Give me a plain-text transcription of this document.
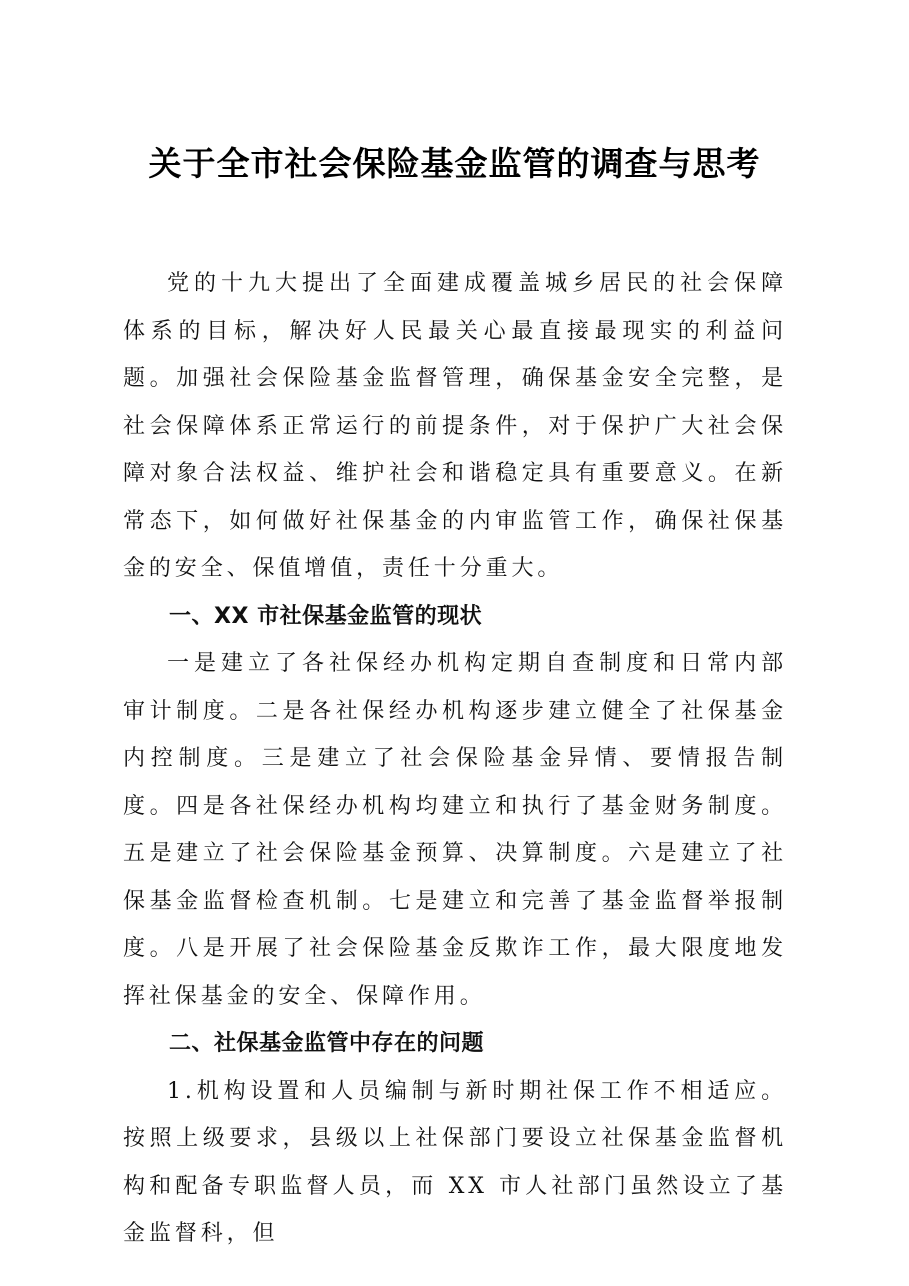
关于全市社会保险基金监管的调查与思考

党的十九大提出了全面建成覆盖城乡居民的社会保障体系的目标，解决好人民最关心最直接最现实的利益问题。加强社会保险基金监督管理，确保基金安全完整，是社会保障体系正常运行的前提条件，对于保护广大社会保障对象合法权益、维护社会和谐稳定具有重要意义。在新常态下，如何做好社保基金的内审监管工作，确保社保基金的安全、保值增值，责任十分重大。

一、XX 市社保基金监管的现状

一是建立了各社保经办机构定期自查制度和日常内部审计制度。二是各社保经办机构逐步建立健全了社保基金内控制度。三是建立了社会保险基金异情、要情报告制度。四是各社保经办机构均建立和执行了基金财务制度。五是建立了社会保险基金预算、决算制度。六是建立了社保基金监督检查机制。七是建立和完善了基金监督举报制度。八是开展了社会保险基金反欺诈工作，最大限度地发挥社保基金的安全、保障作用。

二、社保基金监管中存在的问题

1.机构设置和人员编制与新时期社保工作不相适应。按照上级要求，县级以上社保部门要设立社保基金监督机构和配备专职监督人员，而 XX 市人社部门虽然设立了基金监督科，但
